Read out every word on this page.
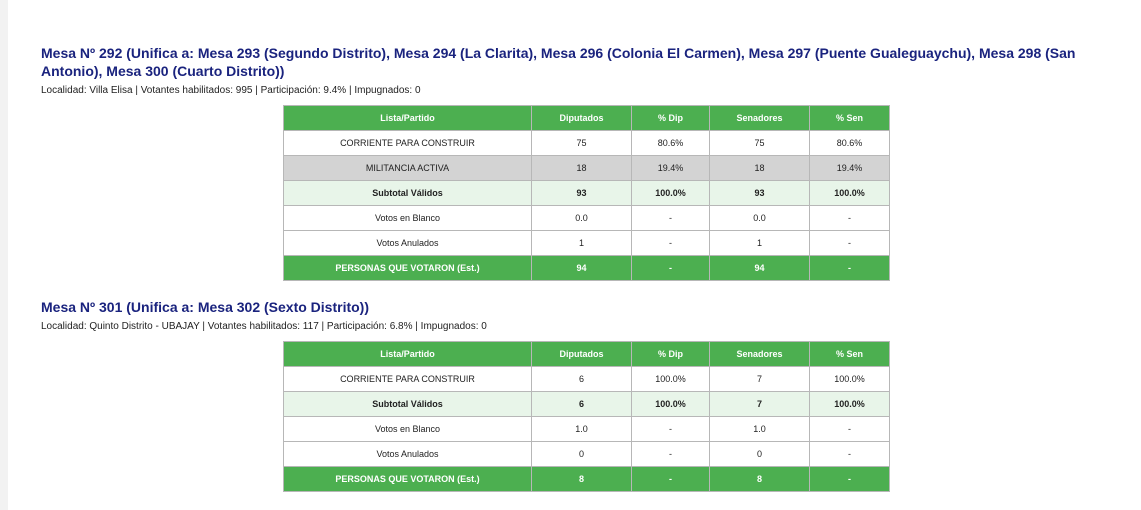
Mesa Nº 292 (Unifica a: Mesa 293 (Segundo Distrito), Mesa 294 (La Clarita), Mesa 296 (Colonia El Carmen), Mesa 297 (Puente Gualeguaychu), Mesa 298 (San Antonio), Mesa 300 (Cuarto Distrito))
Localidad: Villa Elisa | Votantes habilitados: 995 | Participación: 9.4% | Impugnados: 0
Lista/Partido	Diputados	% Dip	Senadores	% Sen
CORRIENTE PARA CONSTRUIR	75	80.6%	75	80.6%
MILITANCIA ACTIVA	18	19.4%	18	19.4%
Subtotal Válidos	93	100.0%	93	100.0%
Votos en Blanco	0.0	-	0.0	-
Votos Anulados	1	-	1	-
PERSONAS QUE VOTARON (Est.)	94	-	94	-
Mesa Nº 301 (Unifica a: Mesa 302 (Sexto Distrito))
Localidad: Quinto Distrito - UBAJAY | Votantes habilitados: 117 | Participación: 6.8% | Impugnados: 0
Lista/Partido	Diputados	% Dip	Senadores	% Sen
CORRIENTE PARA CONSTRUIR	6	100.0%	7	100.0%
Subtotal Válidos	6	100.0%	7	100.0%
Votos en Blanco	1.0	-	1.0	-
Votos Anulados	0	-	0	-
PERSONAS QUE VOTARON (Est.)	8	-	8	-
